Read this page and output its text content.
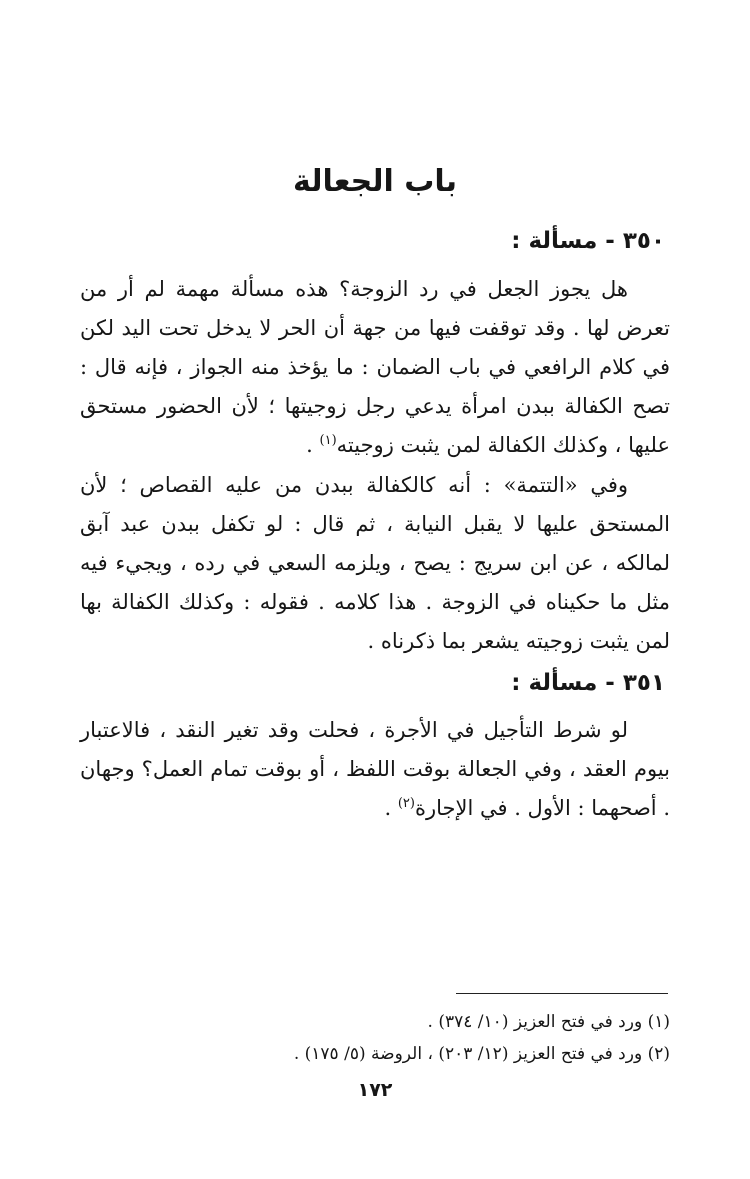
باب الجعالة
٣٥٠ - مسألة :

هل يجوز الجعل في رد الزوجة؟ هذه مسألة مهمة لم أر من تعرض لها . وقد توقفت فيها من جهة أن الحر لا يدخل تحت اليد لكن في كلام الرافعي في باب الضمان : ما يؤخذ منه الجواز ، فإنه قال : تصح الكفالة ببدن امرأة يدعي رجل زوجيتها ؛ لأن الحضور مستحق عليها ، وكذلك الكفالة لمن يثبت زوجيته$^{(١)}$ .

وفي «التتمة» : أنه كالكفالة ببدن من عليه القصاص ؛ لأن المستحق عليها لا يقبل النيابة ، ثم قال : لو تكفل ببدن عبد آبق لمالكه ، عن ابن سريج : يصح ، ويلزمه السعي في رده ، ويجيء فيه مثل ما حكيناه في الزوجة . هذا كلامه . فقوله : وكذلك الكفالة بها لمن يثبت زوجيته يشعر بما ذكرناه .

٣٥١ - مسألة :

لو شرط التأجيل في الأجرة ، فحلت وقد تغير النقد ، فالاعتبار بيوم العقد ، وفي الجعالة بوقت اللفظ ، أو بوقت تمام العمل؟ وجهان . أصحهما : الأول . في الإجارة$^{(٢)}$ .

(١) ورد في فتح العزيز (١٠/ ٣٧٤) .

(٢) ورد في فتح العزيز (١٢/ ٢٠٣) ، الروضة (٥/ ١٧٥) .

١٧٢
